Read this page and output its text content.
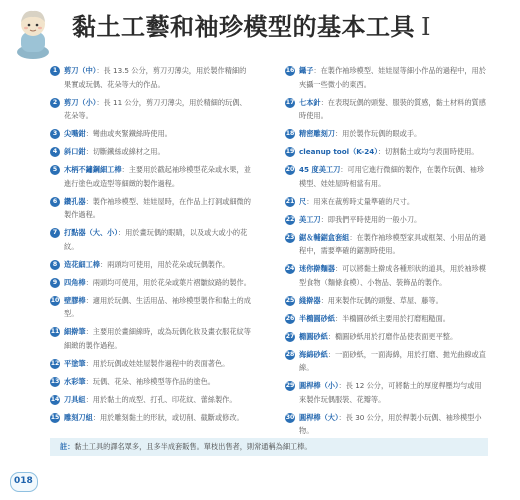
黏土工藝和袖珍模型的基本工具 I

1 剪刀（中）：長 13.5 公分，剪刀刃薄尖，用於製作精細的果實或玩偶、花朵等大的作品。

2 剪刀（小）：長 11 公分，剪刀刃薄尖，用於精細的玩偶、花朵等。

3 尖嘴鉗：彎曲或夾緊鐵絲時使用。

4 斜口鉗：切斷鐵絲或線材之用。

5 木柄不鏽鋼細工棒：主要用於戳起袖珍模型花朵或水果，並進行塗色或造型等細緻的製作過程。

6 鑽孔器：製作袖珍模型、娃娃屋時，在作品上打洞或細微的製作過程。

7 打點器（大、小）：用於畫玩偶的眼睛，以及或大或小的花紋。

8 造花細工棒：兩頭均可使用，用於花朵或玩偶製作。

9 四角棒：兩頭均可使用，用於花朵或葉片褶皺紋路的製作。

10 壁膠棒：適用於玩偶、生活用品、袖珍模型製作和黏土的成型。

11 細擀筆：主要用於畫細線時，或為玩偶化妝及畫衣服花紋等細緻的製作過程。

12 平塗筆：用於玩偶或娃娃屋製作過程中的表面著色。

13 水彩筆：玩偶、花朵、袖珍模型等作品的塗色。

14 刀具組：用於黏土的成型、打孔、印花紋、蕾絲製作。

15 雕刻刀組：用於雕刻黏土的形狀，或切削、截斷或修改。

16 鑷子：在製作袖珍模型、娃娃屋等細小作品的過程中，用於夾攝一些微小的東西。

17 七本針：在表現玩偶的頭髮、服裝的質感，黏土材料的質感時使用。

18 精密雕刻刀：用於製作玩偶的眼或手。

19 cleanup tool（K-24）：切割黏土或均勻表面時使用。

20 45 度美工刀：可用它進行微細的製作，在製作玩偶、袖珍模型、娃娃屋時相當有用。

21 尺：用來在裁剪時丈量準確的尺寸。

22 美工刀：即我們平時使用的一般小刀。

23 鋸＆輔鋸盒套組：在製作袖珍模型家具或框架、小用品的過程中，需要準確的鋸割時使用。

24 迷你擀麵器：可以將黏土擀成各種形狀的道具，用於袖珍模型食物（麵條食模）、小物品、裝飾品的製作。

25 綫擀器：用來製作玩偶的頭髮、草屋、藤等。

26 半橢圓砂紙：半橢圓砂紙主要用於打磨粗糙面。

27 橢圓砂紙：橢圓砂紙用於打磨作品使表面更平整。

28 海綿砂紙：一面砂紙，一面海綿，用於打磨、拋光曲線或直線。

29 圓桿棒（小）：長 12 公分，可將黏土的厚度桿壓均勻或用來製作玩偶服裝、花瓣等。

30 圓桿棒（大）：長 30 公分，用於桿製小玩偶、袖珍模型小物。

註：黏土工具的譯名眾多，且多半成套販售。單枝出售者，則常通稱為細工棒。
018
